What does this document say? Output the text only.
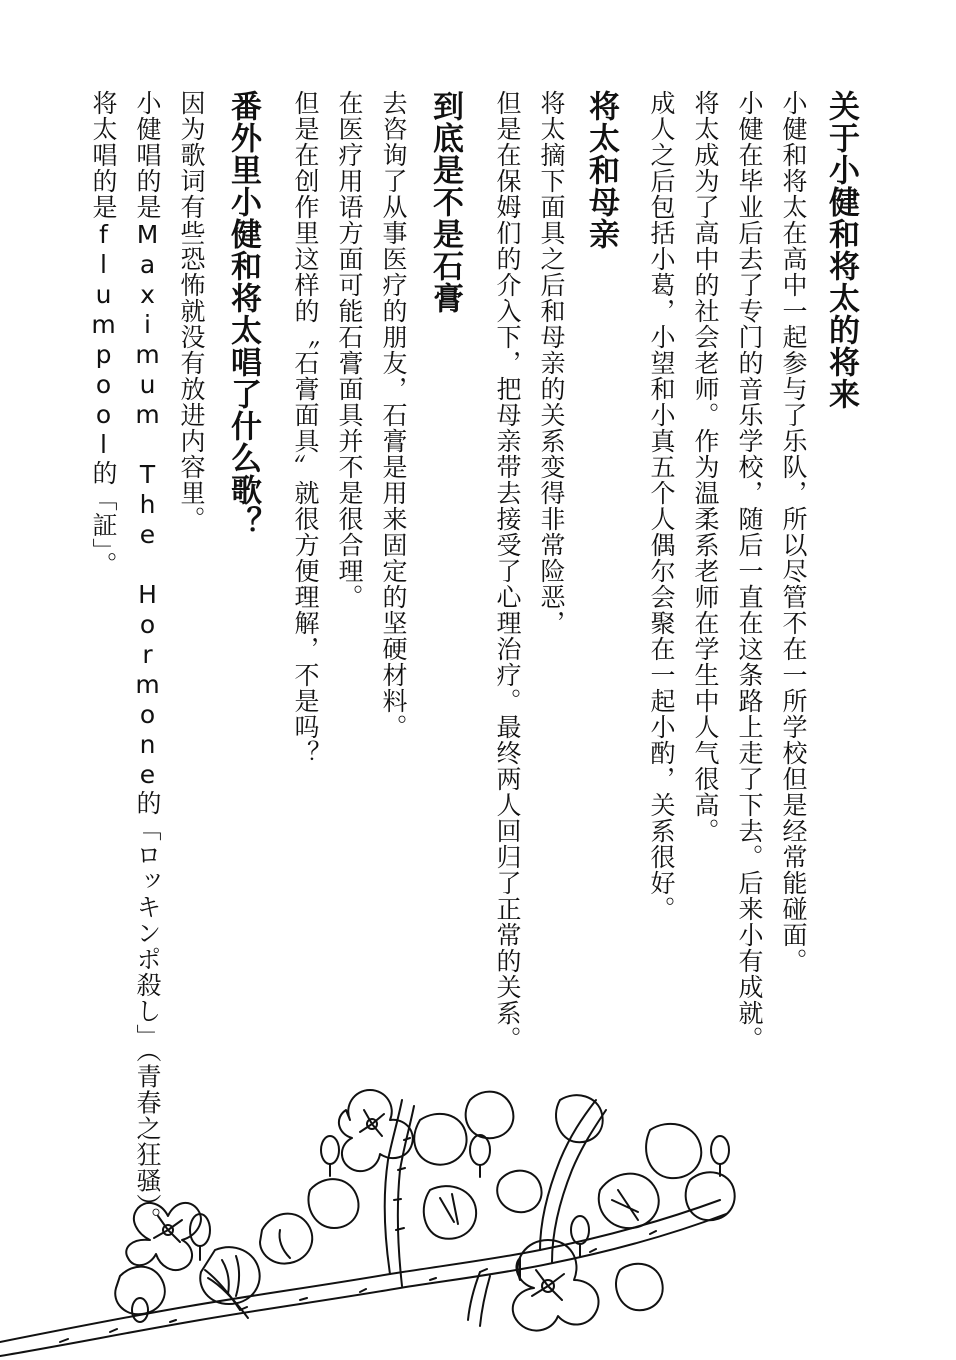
关于小健和将太的将来
小健和将太在高中一起参与了乐队，所以尽管不在一所学校但是经常能碰面。
小健在毕业后去了专门的音乐学校，随后一直在这条路上走了下去。后来小有成就。
将太成为了高中的社会老师。作为温柔系老师在学生中人气很高。
成人之后包括小葛，小望和小真五个人偶尔会聚在一起小酌，关系很好。
将太和母亲
将太摘下面具之后和母亲的关系变得非常险恶，
但是在保姆们的介入下，把母亲带去接受了心理治疗。最终两人回归了正常的关系。
到底是不是石膏
去咨询了从事医疗的朋友，石膏是用来固定的坚硬材料。
在医疗用语方面可能石膏面具并不是很合理。
但是在创作里这样的〝石膏面具〞就很方便理解，不是吗？
番外里小健和将太唱了什么歌？
因为歌词有些恐怖就没有放进内容里。
小健唱的是Maximum The Hormone的「ロッキンポ殺し」（青春之狂骚）。
将太唱的是flumpool的「証」。
